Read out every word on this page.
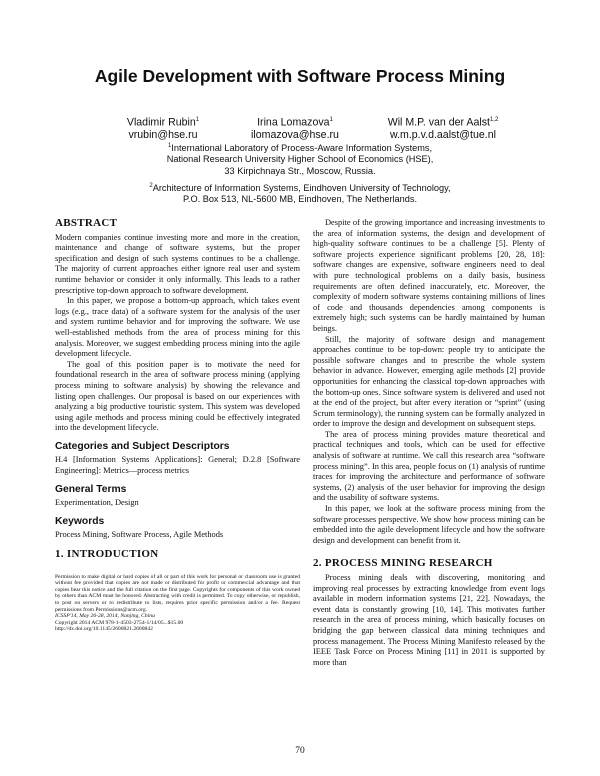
Agile Development with Software Process Mining
Vladimir Rubin$^1$
vrubin@hse.ru
Irina Lomazova$^1$
ilomazova@hse.ru
Wil M.P. van der Aalst$^{1,2}$
w.m.p.v.d.aalst@tue.nl
$^1$International Laboratory of Process-Aware Information Systems,
National Research University Higher School of Economics (HSE),
33 Kirpichnaya Str., Moscow, Russia.
$^2$Architecture of Information Systems, Eindhoven University of Technology,
P.O. Box 513, NL-5600 MB, Eindhoven, The Netherlands.
ABSTRACT

Modern companies continue investing more and more in the creation, maintenance and change of software systems, but the proper specification and design of such systems continues to be a challenge. The majority of current approaches either ignore real user and system runtime behavior or consider it only informally. This leads to a rather prescriptive top-down approach to software development.

In this paper, we propose a bottom-up approach, which takes event logs (e.g., trace data) of a software system for the analysis of the user and system runtime behavior and for improving the software. We use well-established methods from the area of process mining for this analysis. Moreover, we suggest embedding process mining into the agile development lifecycle.

The goal of this position paper is to motivate the need for foundational research in the area of software process mining (applying process mining to software analysis) by showing the relevance and listing open challenges. Our proposal is based on our experiences with analyzing a big productive touristic system. This system was developed using agile methods and process mining could be effectively integrated into the development lifecycle.

Categories and Subject Descriptors

H.4 [Information Systems Applications]: General; D.2.8 [Software Engineering]: Metrics—process metrics

General Terms

Experimentation, Design

Keywords

Process Mining, Software Process, Agile Methods

1. INTRODUCTION

Permission to make digital or hard copies of all or part of this work for personal or classroom use is granted without fee provided that copies are not made or distributed for profit or commercial advantage and that copies bear this notice and the full citation on the first page. Copyrights for components of this work owned by others than ACM must be honored. Abstracting with credit is permitted. To copy otherwise, or republish, to post on servers or to redistribute to lists, requires prior specific permission and/or a fee. Request permissions from Permissions@acm.org.

ICSSP'14, May 26-28, 2014, Nanjing, China
Copyright 2014 ACM 978-1-4503-2754-1/14/05...$15.00
http://dx.doi.org/10.1145/2600821.2600842

Despite of the growing importance and increasing investments to the area of information systems, the design and development of high-quality software continues to be a challenge [5]. Plenty of software projects experience significant problems [20, 28, 18]: software changes are expensive, software engineers need to deal with pure technological problems on a daily basis, business requirements are often defined inaccurately, etc. Moreover, the complexity of modern software systems containing millions of lines of code and thousands dependencies among components is extremely high; such systems can be hardly maintained by human beings.

Still, the majority of software design and management approaches continue to be top-down: people try to anticipate the possible software changes and to prescribe the whole system behavior in advance. However, emerging agile methods [2] provide opportunities for enhancing the classical top-down approaches with the bottom-up ones. Since software system is delivered and used not at the end of the project, but after every iteration or “sprint” (using Scrum terminology), the running system can be formally analyzed in order to improve the design and development on subsequent steps.

The area of process mining provides mature theoretical and practical techniques and tools, which can be used for effective analysis of software at runtime. We call this research area “software process mining”. In this area, people focus on (1) analysis of runtime traces for improving the architecture and performance of software systems, (2) analysis of the user behavior for improving the design and the usability of software systems.

In this paper, we look at the software process mining from the software processes perspective. We show how process mining can be embedded into the agile development lifecycle and how the software design and development can benefit from it.

2. PROCESS MINING RESEARCH

Process mining deals with discovering, monitoring and improving real processes by extracting knowledge from event logs available in modern information systems [21, 22]. Nowadays, the event data is constantly growing [10, 14]. This motivates further research in the area of process mining, which basically focuses on bridging the gap between classical data mining techniques and process management. The Process Mining Manifesto released by the IEEE Task Force on Process Mining [11] in 2011 is supported by more than

70
